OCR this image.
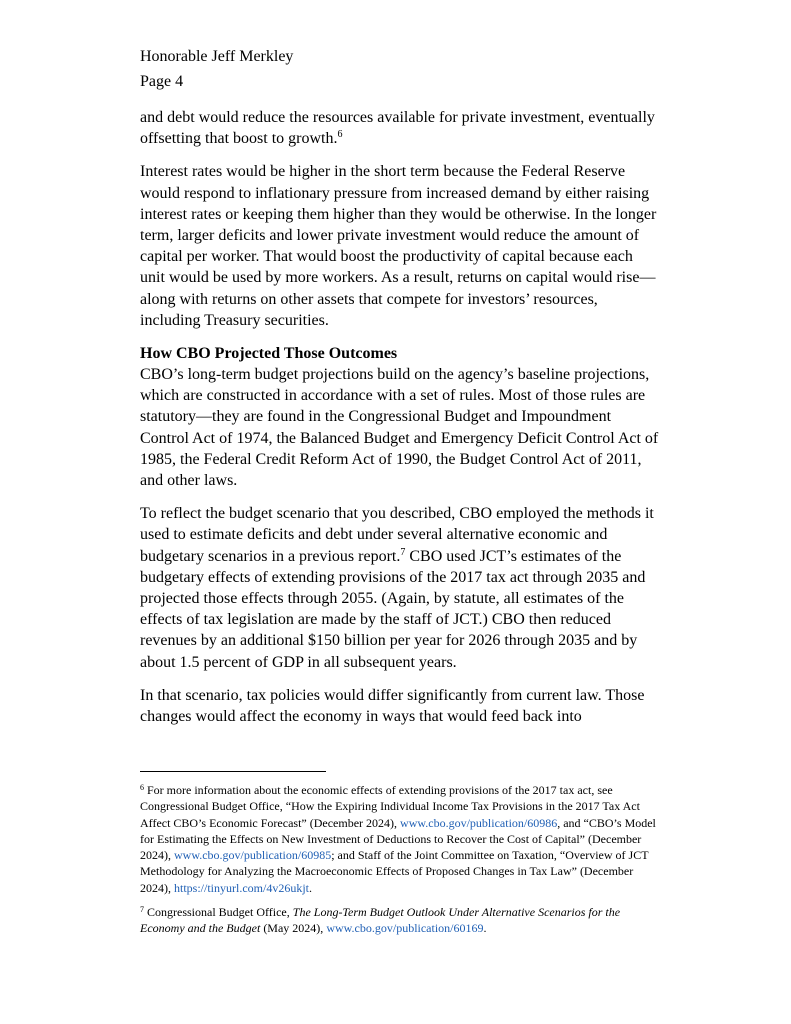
Honorable Jeff Merkley
Page 4

and debt would reduce the resources available for private investment, eventually offsetting that boost to growth.$^6$

Interest rates would be higher in the short term because the Federal Reserve would respond to inflationary pressure from increased demand by either raising interest rates or keeping them higher than they would be otherwise. In the longer term, larger deficits and lower private investment would reduce the amount of capital per worker. That would boost the productivity of capital because each unit would be used by more workers. As a result, returns on capital would rise—along with returns on other assets that compete for investors’ resources, including Treasury securities.

How CBO Projected Those Outcomes

CBO’s long-term budget projections build on the agency’s baseline projections, which are constructed in accordance with a set of rules. Most of those rules are statutory—they are found in the Congressional Budget and Impoundment Control Act of 1974, the Balanced Budget and Emergency Deficit Control Act of 1985, the Federal Credit Reform Act of 1990, the Budget Control Act of 2011, and other laws.

To reflect the budget scenario that you described, CBO employed the methods it used to estimate deficits and debt under several alternative economic and budgetary scenarios in a previous report.$^7$ CBO used JCT’s estimates of the budgetary effects of extending provisions of the 2017 tax act through 2035 and projected those effects through 2055. (Again, by statute, all estimates of the effects of tax legislation are made by the staff of JCT.) CBO then reduced revenues by an additional $150 billion per year for 2026 through 2035 and by about 1.5 percent of GDP in all subsequent years.

In that scenario, tax policies would differ significantly from current law. Those changes would affect the economy in ways that would feed back into

$^6$ For more information about the economic effects of extending provisions of the 2017 tax act, see Congressional Budget Office, “How the Expiring Individual Income Tax Provisions in the 2017 Tax Act Affect CBO’s Economic Forecast” (December 2024), www.cbo.gov/publication/60986, and “CBO’s Model for Estimating the Effects on New Investment of Deductions to Recover the Cost of Capital” (December 2024), www.cbo.gov/publication/60985; and Staff of the Joint Committee on Taxation, “Overview of JCT Methodology for Analyzing the Macroeconomic Effects of Proposed Changes in Tax Law” (December 2024), https://tinyurl.com/4v26ukjt.

$^7$ Congressional Budget Office, The Long-Term Budget Outlook Under Alternative Scenarios for the Economy and the Budget (May 2024), www.cbo.gov/publication/60169.
